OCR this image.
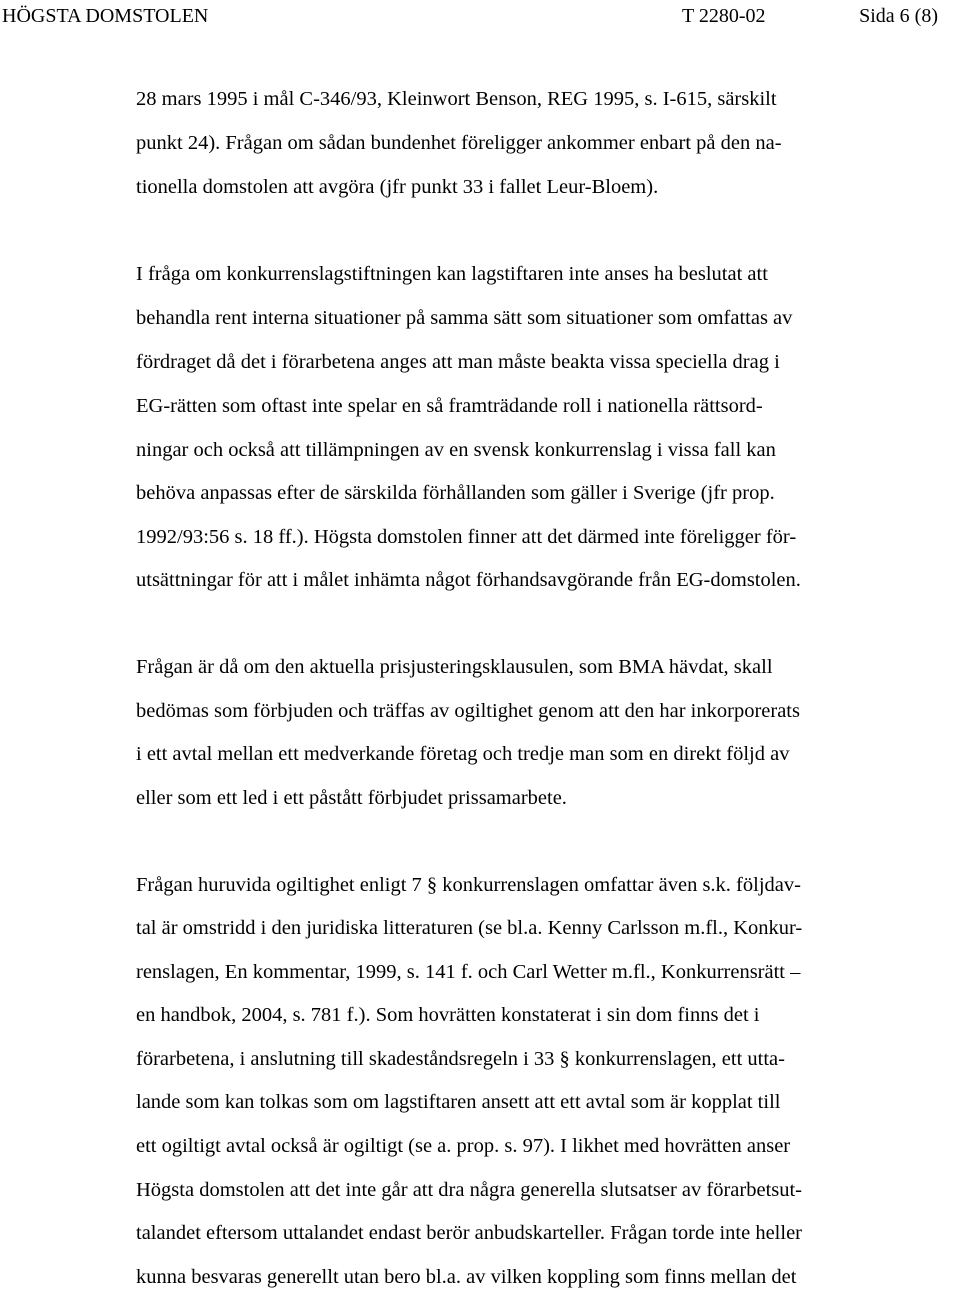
HÖGSTA DOMSTOLEN	T 2280-02	Sida 6 (8)
28 mars 1995 i mål C-346/93, Kleinwort Benson, REG 1995, s. I-615, särskilt
punkt 24). Frågan om sådan bundenhet föreligger ankommer enbart på den na-
tionella domstolen att avgöra (jfr punkt 33 i fallet Leur-Bloem).
I fråga om konkurrenslagstiftningen kan lagstiftaren inte anses ha beslutat att
behandla rent interna situationer på samma sätt som situationer som omfattas av
fördraget då det i förarbetena anges att man måste beakta vissa speciella drag i
EG-rätten som oftast inte spelar en så framträdande roll i nationella rättsord-
ningar och också att tillämpningen av en svensk konkurrenslag i vissa fall kan
behöva anpassas efter de särskilda förhållanden som gäller i Sverige (jfr prop.
1992/93:56 s. 18 ff.). Högsta domstolen finner att det därmed inte föreligger för-
utsättningar för att i målet inhämta något förhandsavgörande från EG-domstolen.
Frågan är då om den aktuella prisjusteringsklausulen, som BMA hävdat, skall
bedömas som förbjuden och träffas av ogiltighet genom att den har inkorporerats
i ett avtal mellan ett medverkande företag och tredje man som en direkt följd av
eller som ett led i ett påstått förbjudet prissamarbete.
Frågan huruvida ogiltighet enligt 7 § konkurrenslagen omfattar även s.k. följdav-
tal är omstridd i den juridiska litteraturen (se bl.a. Kenny Carlsson m.fl., Konkur-
renslagen, En kommentar, 1999, s. 141 f. och Carl Wetter m.fl., Konkurrensrätt –
en handbok, 2004, s. 781 f.). Som hovrätten konstaterat i sin dom finns det i
förarbetena, i anslutning till skadeståndsregeln i 33 § konkurrenslagen, ett utta-
lande som kan tolkas som om lagstiftaren ansett att ett avtal som är kopplat till
ett ogiltigt avtal också är ogiltigt (se a. prop. s. 97). I likhet med hovrätten anser
Högsta domstolen att det inte går att dra några generella slutsatser av förarbetsut-
talandet eftersom uttalandet endast berör anbudskarteller. Frågan torde inte heller
kunna besvaras generellt utan bero bl.a. av vilken koppling som finns mellan det
